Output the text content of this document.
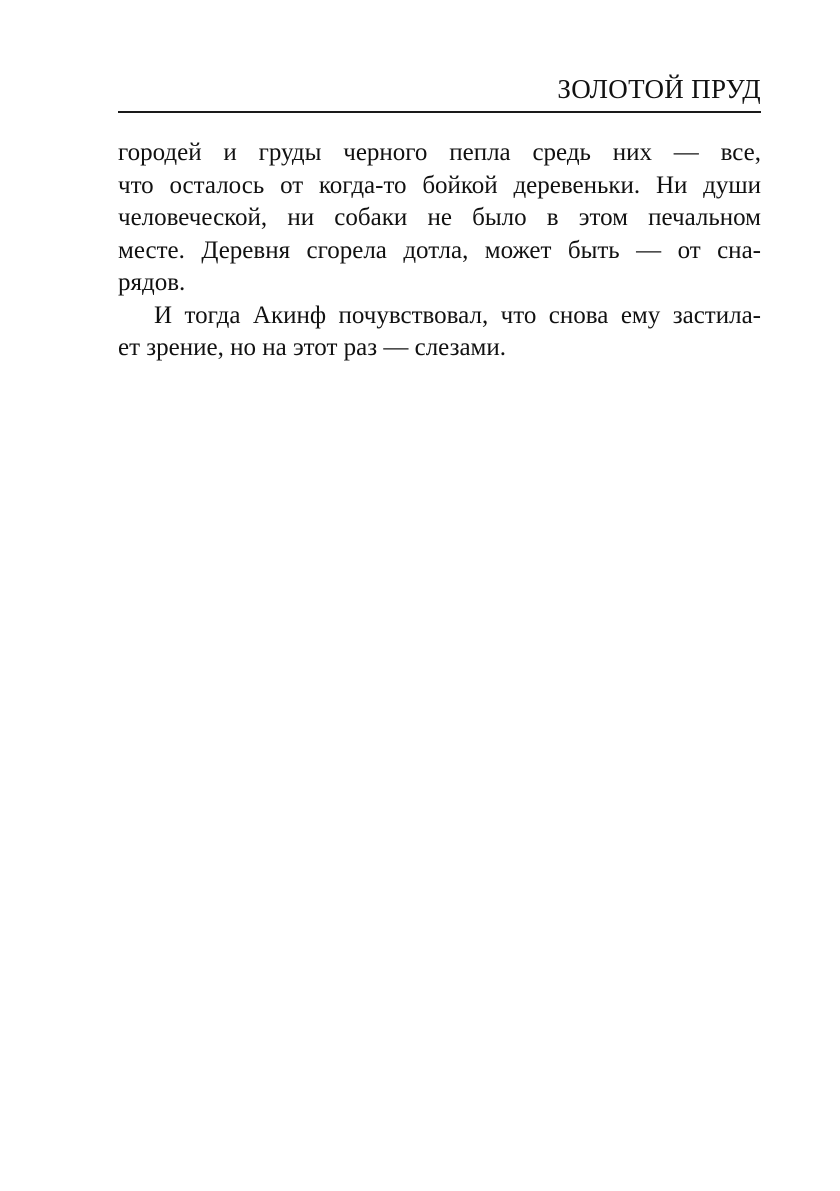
ЗОЛОТОЙ ПРУД
городей и груды черного пепла средь них — все,
что осталось от когда-то бойкой деревеньки. Ни души
человеческой, ни собаки не было в этом печальном
месте. Деревня сгорела дотла, может быть — от сна-
рядов.
И тогда Акинф почувствовал, что снова ему застила-
ет зрение, но на этот раз — слезами.
